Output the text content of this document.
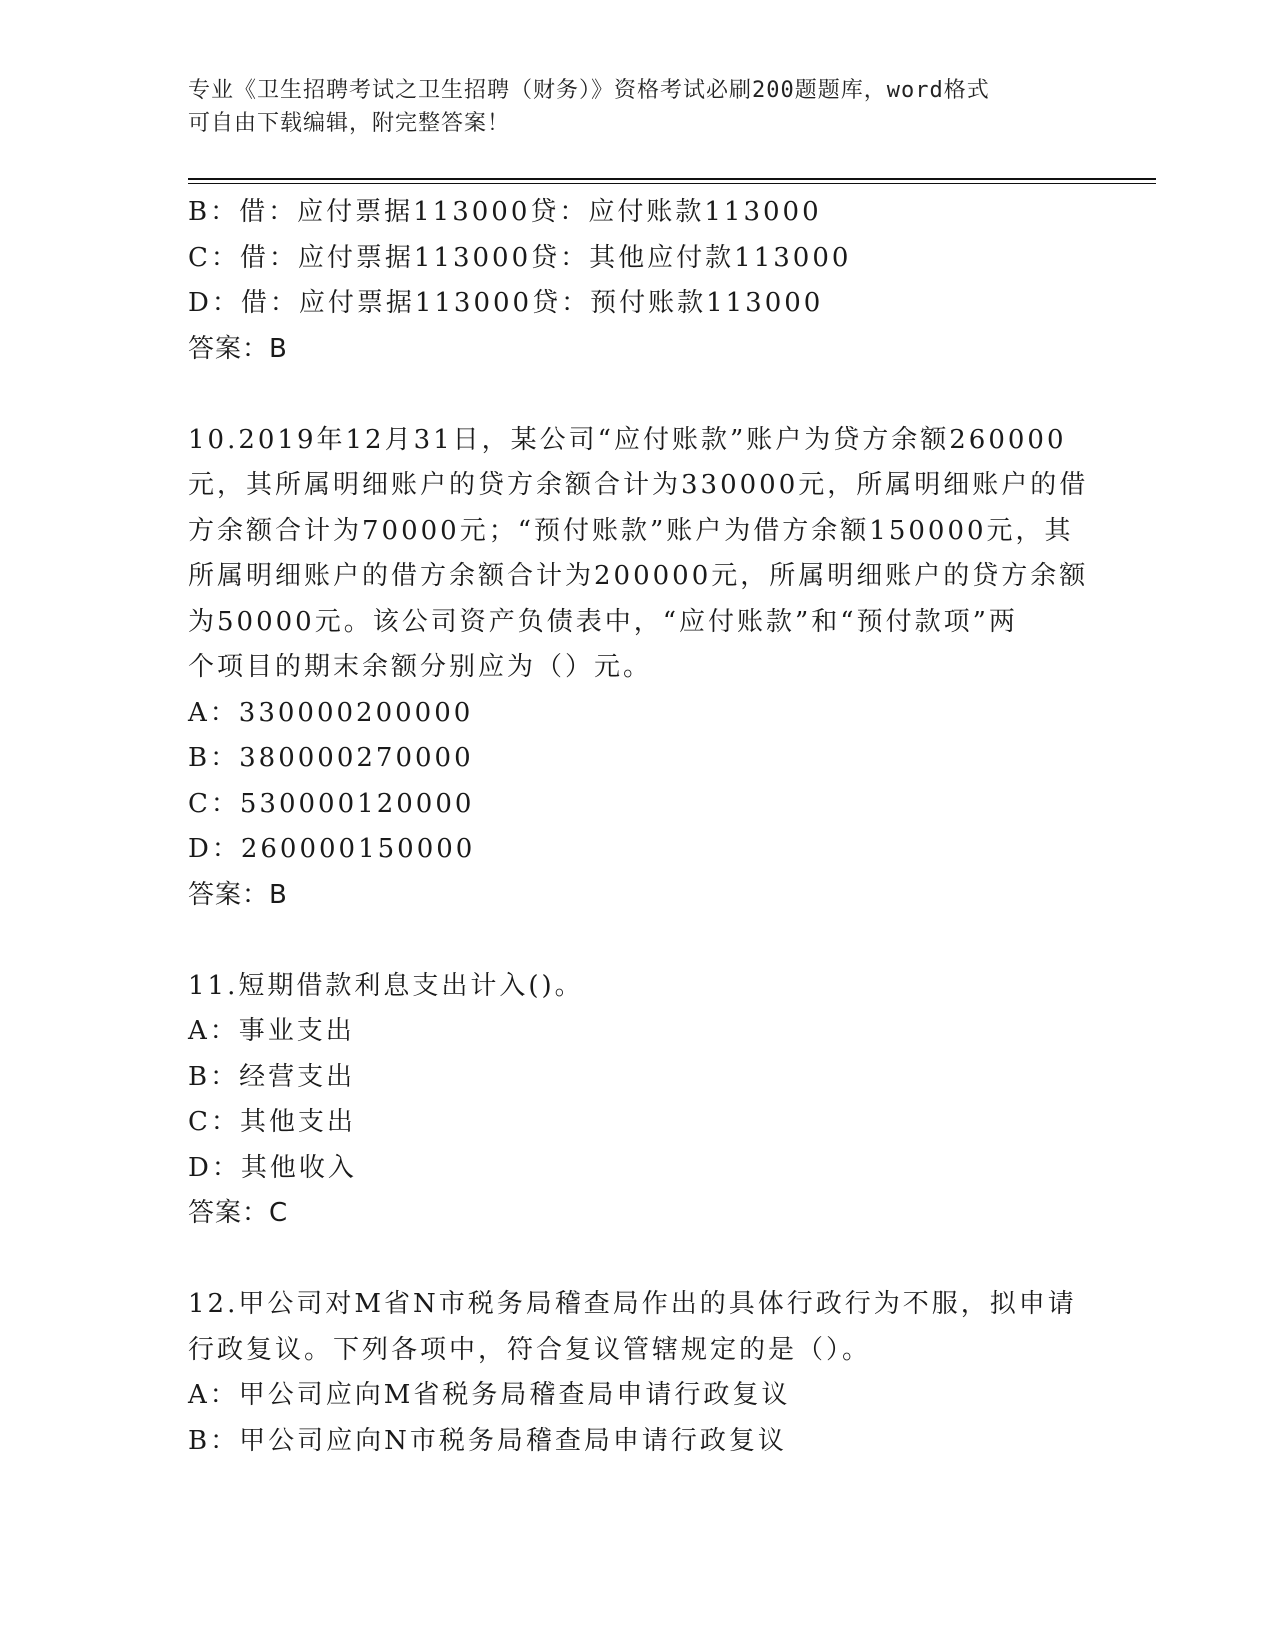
专业《卫生招聘考试之卫生招聘（财务）》资格考试必刷200题题库，word格式
可自由下载编辑，附完整答案！
B：借：应付票据113000贷：应付账款113000
C：借：应付票据113000贷：其他应付款113000
D：借：应付票据113000贷：预付账款113000
答案：B
10.2019年12月31日，某公司“应付账款”账户为贷方余额260000
元，其所属明细账户的贷方余额合计为330000元，所属明细账户的借
方余额合计为70000元；“预付账款”账户为借方余额150000元，其
所属明细账户的借方余额合计为200000元，所属明细账户的贷方余额
为50000元。该公司资产负债表中，“应付账款”和“预付款项”两
个项目的期末余额分别应为（）元。
A：330000200000
B：380000270000
C：530000120000
D：260000150000
答案：B
11.短期借款利息支出计入()。
A：事业支出
B：经营支出
C：其他支出
D：其他收入
答案：C
12.甲公司对M省N市税务局稽查局作出的具体行政行为不服，拟申请
行政复议。下列各项中，符合复议管辖规定的是（）。
A：甲公司应向M省税务局稽查局申请行政复议
B：甲公司应向N市税务局稽查局申请行政复议
